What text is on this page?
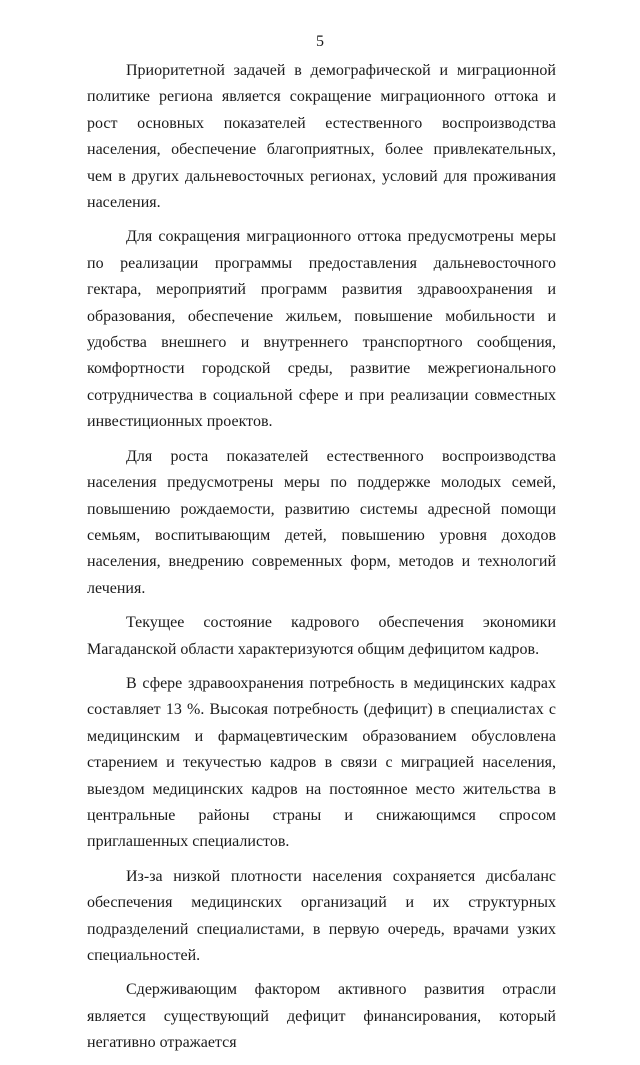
5

Приоритетной задачей в демографической и миграционной политике региона является сокращение миграционного оттока и рост основных показателей естественного воспроизводства населения, обеспечение благоприятных, более привлекательных, чем в других дальневосточных регионах, условий для проживания населения.

Для сокращения миграционного оттока предусмотрены меры по реализации программы предоставления дальневосточного гектара, мероприятий программ развития здравоохранения и образования, обеспечение жильем, повышение мобильности и удобства внешнего и внутреннего транспортного сообщения, комфортности городской среды, развитие межрегионального сотрудничества в социальной сфере и при реализации совместных инвестиционных проектов.

Для роста показателей естественного воспроизводства населения предусмотрены меры по поддержке молодых семей, повышению рождаемости, развитию системы адресной помощи семьям, воспитывающим детей, повышению уровня доходов населения, внедрению современных форм, методов и технологий лечения.

Текущее состояние кадрового обеспечения экономики Магаданской области характеризуются общим дефицитом кадров.

В сфере здравоохранения потребность в медицинских кадрах составляет 13 %. Высокая потребность (дефицит) в специалистах с медицинским и фармацевтическим образованием обусловлена старением и текучестью кадров в связи с миграцией населения, выездом медицинских кадров на постоянное место жительства в центральные районы страны и снижающимся спросом приглашенных специалистов.

Из-за низкой плотности населения сохраняется дисбаланс обеспечения медицинских организаций и их структурных подразделений специалистами, в первую очередь, врачами узких специальностей.

Сдерживающим фактором активного развития отрасли является существующий дефицит финансирования, который негативно отражается
